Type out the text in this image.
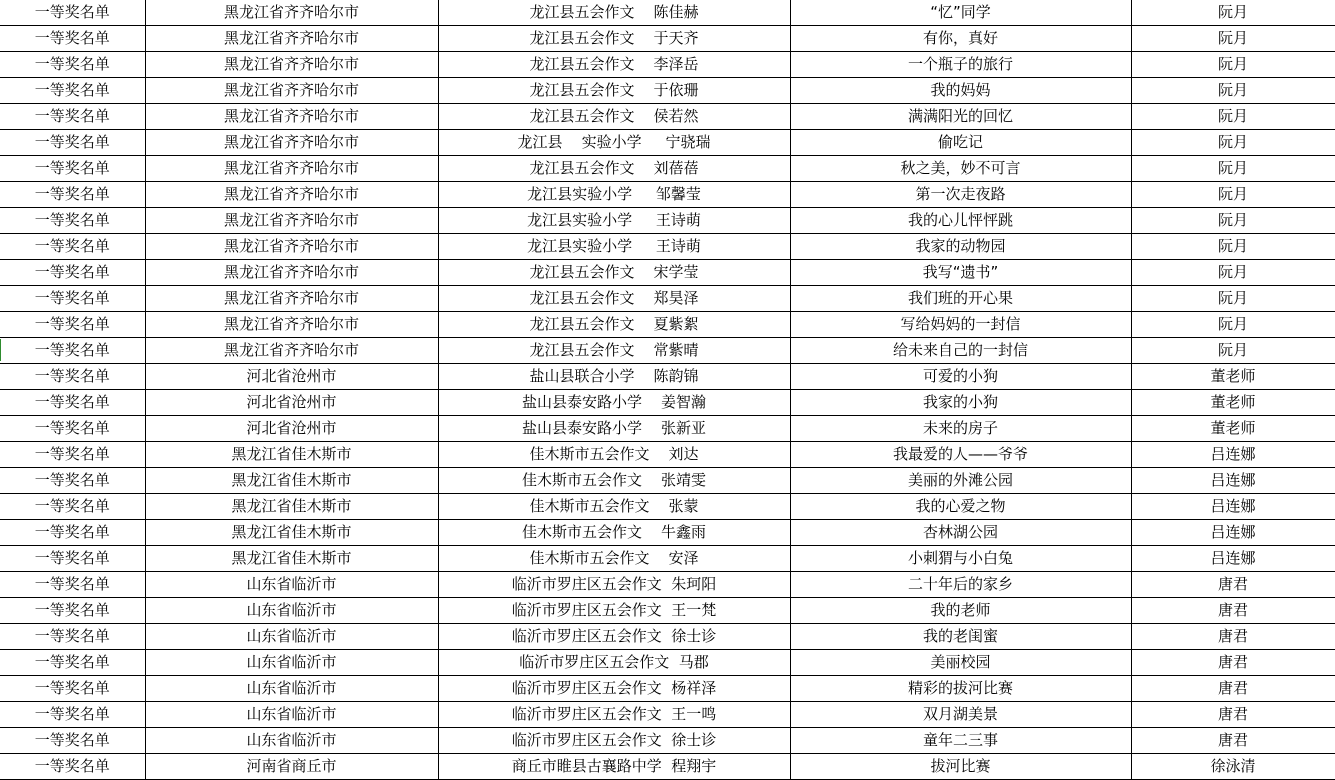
一等奖名单	黑龙江省齐齐哈尔市	龙江县五会作文    陈佳赫	“忆”同学	阮月
一等奖名单	黑龙江省齐齐哈尔市	龙江县五会作文    于天齐	有你，真好	阮月
一等奖名单	黑龙江省齐齐哈尔市	龙江县五会作文    李泽岳	一个瓶子的旅行	阮月
一等奖名单	黑龙江省齐齐哈尔市	龙江县五会作文    于依珊	我的妈妈	阮月
一等奖名单	黑龙江省齐齐哈尔市	龙江县五会作文    侯若然	满满阳光的回忆	阮月
一等奖名单	黑龙江省齐齐哈尔市	龙江县    实验小学     宁骁瑞	偷吃记	阮月
一等奖名单	黑龙江省齐齐哈尔市	龙江县五会作文    刘蓓蓓	秋之美，妙不可言	阮月
一等奖名单	黑龙江省齐齐哈尔市	龙江县实验小学     邹馨莹	第一次走夜路	阮月
一等奖名单	黑龙江省齐齐哈尔市	龙江县实验小学     王诗萌	我的心儿怦怦跳	阮月
一等奖名单	黑龙江省齐齐哈尔市	龙江县实验小学     王诗萌	我家的动物园	阮月
一等奖名单	黑龙江省齐齐哈尔市	龙江县五会作文    宋学莹	我写“遗书”	阮月
一等奖名单	黑龙江省齐齐哈尔市	龙江县五会作文    郑昊泽	我们班的开心果	阮月
一等奖名单	黑龙江省齐齐哈尔市	龙江县五会作文    夏紫絮	写给妈妈的一封信	阮月
一等奖名单	黑龙江省齐齐哈尔市	龙江县五会作文    常紫晴	给未来自己的一封信	阮月
一等奖名单	河北省沧州市	盐山县联合小学    陈韵锦	可爱的小狗	董老师
一等奖名单	河北省沧州市	盐山县泰安路小学    姜智瀚	我家的小狗	董老师
一等奖名单	河北省沧州市	盐山县泰安路小学    张新亚	未来的房子	董老师
一等奖名单	黑龙江省佳木斯市	佳木斯市五会作文    刘达	我最爱的人——爷爷	吕连娜
一等奖名单	黑龙江省佳木斯市	佳木斯市五会作文    张靖雯	美丽的外滩公园	吕连娜
一等奖名单	黑龙江省佳木斯市	佳木斯市五会作文    张蒙	我的心爱之物	吕连娜
一等奖名单	黑龙江省佳木斯市	佳木斯市五会作文    牛鑫雨	杏林湖公园	吕连娜
一等奖名单	黑龙江省佳木斯市	佳木斯市五会作文    安泽	小刺猬与小白兔	吕连娜
一等奖名单	山东省临沂市	临沂市罗庄区五会作文  朱珂阳	二十年后的家乡	唐君
一等奖名单	山东省临沂市	临沂市罗庄区五会作文  王一梵	我的老师	唐君
一等奖名单	山东省临沂市	临沂市罗庄区五会作文  徐士诊	我的老闺蜜	唐君
一等奖名单	山东省临沂市	临沂市罗庄区五会作文  马郡	美丽校园	唐君
一等奖名单	山东省临沂市	临沂市罗庄区五会作文  杨祥泽	精彩的拔河比赛	唐君
一等奖名单	山东省临沂市	临沂市罗庄区五会作文  王一鸣	双月湖美景	唐君
一等奖名单	山东省临沂市	临沂市罗庄区五会作文  徐士诊	童年二三事	唐君
一等奖名单	河南省商丘市	商丘市睢县古襄路中学  程翔宇	拔河比赛	徐泳清
